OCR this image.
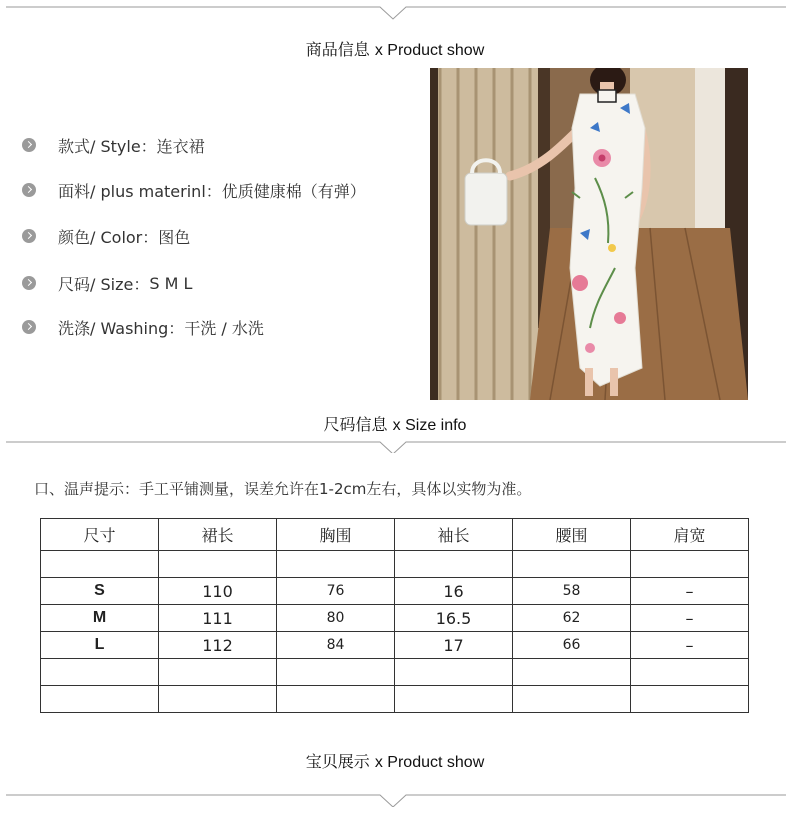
商品信息 x Product show
款式/ Style： 连衣裙
面料/ plus materinl： 优质健康棉（有弹）
颜色/ Color： 图色
尺码/ Size： S M L
洗涤/ Washing： 干洗 / 水洗
尺码信息 x Size info
口、温声提示：手工平铺测量，误差允许在1-2cm左右，具体以实物为准。
尺寸	裙长	胸围	袖长	腰围	肩宽

S	110	76	16	58	–
M	111	80	16.5	62	–
L	112	84	17	66	–

宝贝展示 x Product show
